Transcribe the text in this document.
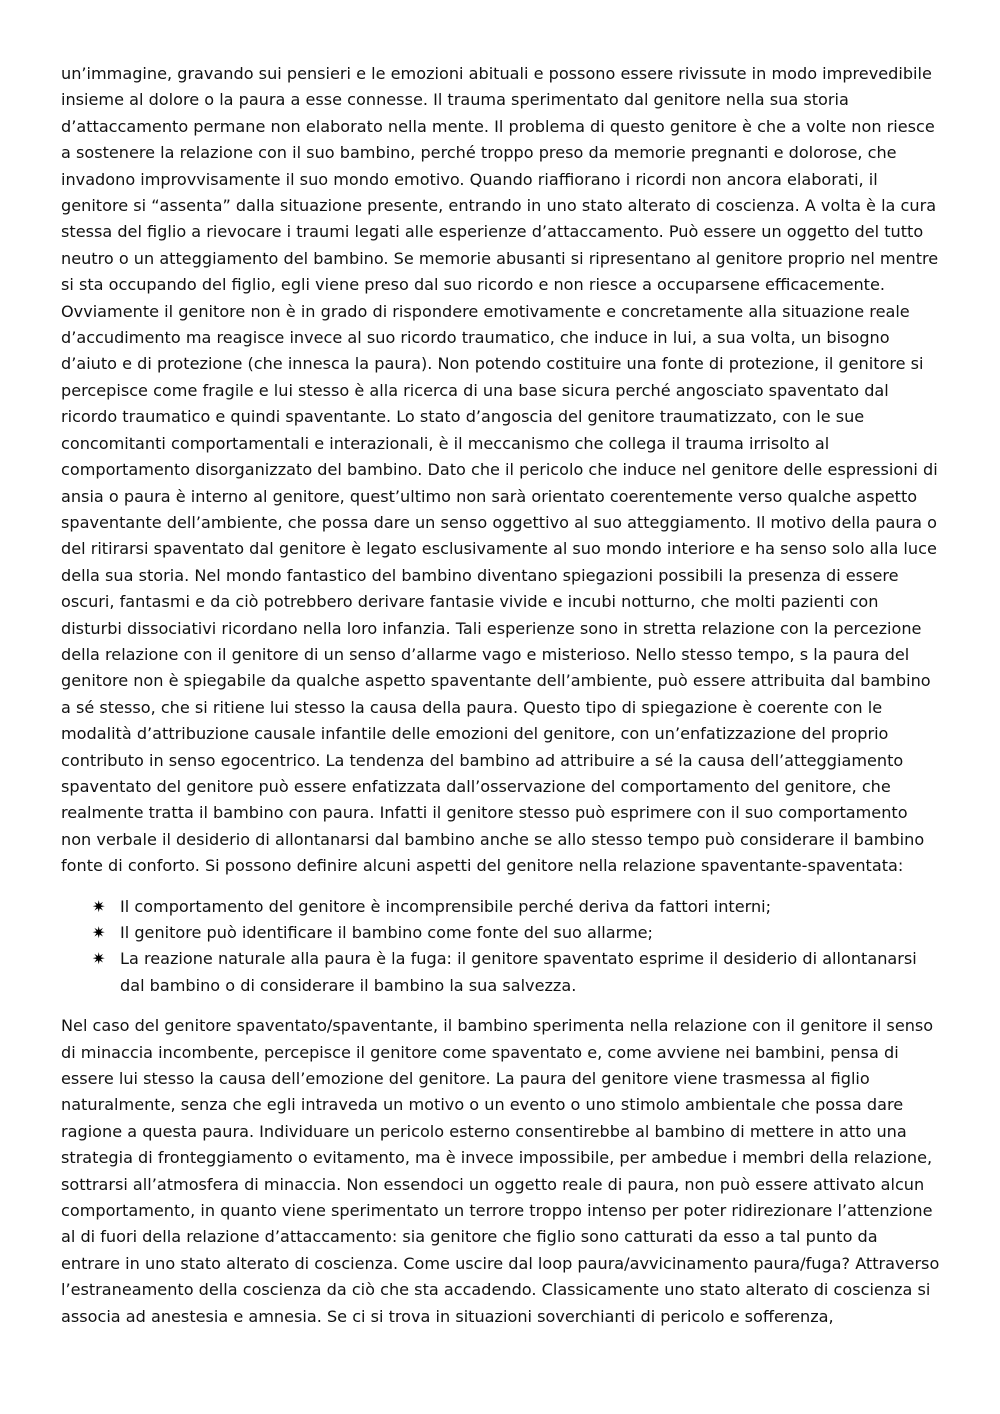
un’immagine, gravando sui pensieri e le emozioni abituali e possono essere rivissute in modo imprevedibile insieme al dolore o la paura a esse connesse. Il trauma sperimentato dal genitore nella sua storia d’attaccamento permane non elaborato nella mente. Il problema di questo genitore è che a volte non riesce a sostenere la relazione con il suo bambino, perché troppo preso da memorie pregnanti e dolorose, che invadono improvvisamente il suo mondo emotivo. Quando riaffiorano i ricordi non ancora elaborati, il genitore si “assenta” dalla situazione presente, entrando in uno stato alterato di coscienza. A volta è la cura stessa del figlio a rievocare i traumi legati alle esperienze d’attaccamento. Può essere un oggetto del tutto neutro o un atteggiamento del bambino. Se memorie abusanti si ripresentano al genitore proprio nel mentre si sta occupando del figlio, egli viene preso dal suo ricordo e non riesce a occuparsene efficacemente. Ovviamente il genitore non è in grado di rispondere emotivamente e concretamente alla situazione reale d’accudimento ma reagisce invece al suo ricordo traumatico, che induce in lui, a sua volta, un bisogno d’aiuto e di protezione (che innesca la paura). Non potendo costituire una fonte di protezione, il genitore si percepisce come fragile e lui stesso è alla ricerca di una base sicura perché angosciato spaventato dal ricordo traumatico e quindi spaventante. Lo stato d’angoscia del genitore traumatizzato, con le sue concomitanti comportamentali e interazionali, è il meccanismo che collega il trauma irrisolto al comportamento disorganizzato del bambino. Dato che il pericolo che induce nel genitore delle espressioni di ansia o paura è interno al genitore, quest’ultimo non sarà orientato coerentemente verso qualche aspetto spaventante dell’ambiente, che possa dare un senso oggettivo al suo atteggiamento. Il motivo della paura o del ritirarsi spaventato dal genitore è legato esclusivamente al suo mondo interiore e ha senso solo alla luce della sua storia. Nel mondo fantastico del bambino diventano spiegazioni possibili la presenza di essere oscuri, fantasmi e da ciò potrebbero derivare fantasie vivide e incubi notturno, che molti pazienti con disturbi dissociativi ricordano nella loro infanzia. Tali esperienze sono in stretta relazione con la percezione della relazione con il genitore di un senso d’allarme vago e misterioso. Nello stesso tempo, s la paura del genitore non è spiegabile da qualche aspetto spaventante dell’ambiente, può essere attribuita dal bambino a sé stesso, che si ritiene lui stesso la causa della paura. Questo tipo di spiegazione è coerente con le modalità d’attribuzione causale infantile delle emozioni del genitore, con un’enfatizzazione del proprio contributo in senso egocentrico. La tendenza del bambino ad attribuire a sé la causa dell’atteggiamento spaventato del genitore può essere enfatizzata dall’osservazione del comportamento del genitore, che realmente tratta il bambino con paura. Infatti il genitore stesso può esprimere con il suo comportamento non verbale il desiderio di allontanarsi dal bambino anche se allo stesso tempo può considerare il bambino fonte di conforto. Si possono definire alcuni aspetti del genitore nella relazione spaventante-spaventata:

✷ Il comportamento del genitore è incomprensibile perché deriva da fattori interni;
✷ Il genitore può identificare il bambino come fonte del suo allarme;
✷ La reazione naturale alla paura è la fuga: il genitore spaventato esprime il desiderio di allontanarsi dal bambino o di considerare il bambino la sua salvezza.

Nel caso del genitore spaventato/spaventante, il bambino sperimenta nella relazione con il genitore il senso di minaccia incombente, percepisce il genitore come spaventato e, come avviene nei bambini, pensa di essere lui stesso la causa dell’emozione del genitore. La paura del genitore viene trasmessa al figlio naturalmente, senza che egli intraveda un motivo o un evento o uno stimolo ambientale che possa dare ragione a questa paura. Individuare un pericolo esterno consentirebbe al bambino di mettere in atto una strategia di fronteggiamento o evitamento, ma è invece impossibile, per ambedue i membri della relazione, sottrarsi all’atmosfera di minaccia. Non essendoci un oggetto reale di paura, non può essere attivato alcun comportamento, in quanto viene sperimentato un terrore troppo intenso per poter ridirezionare l’attenzione al di fuori della relazione d’attaccamento: sia genitore che figlio sono catturati da esso a tal punto da entrare in uno stato alterato di coscienza. Come uscire dal loop paura/avvicinamento paura/fuga? Attraverso l’estraneamento della coscienza da ciò che sta accadendo. Classicamente uno stato alterato di coscienza si associa ad anestesia e amnesia. Se ci si trova in situazioni soverchianti di pericolo e sofferenza,
